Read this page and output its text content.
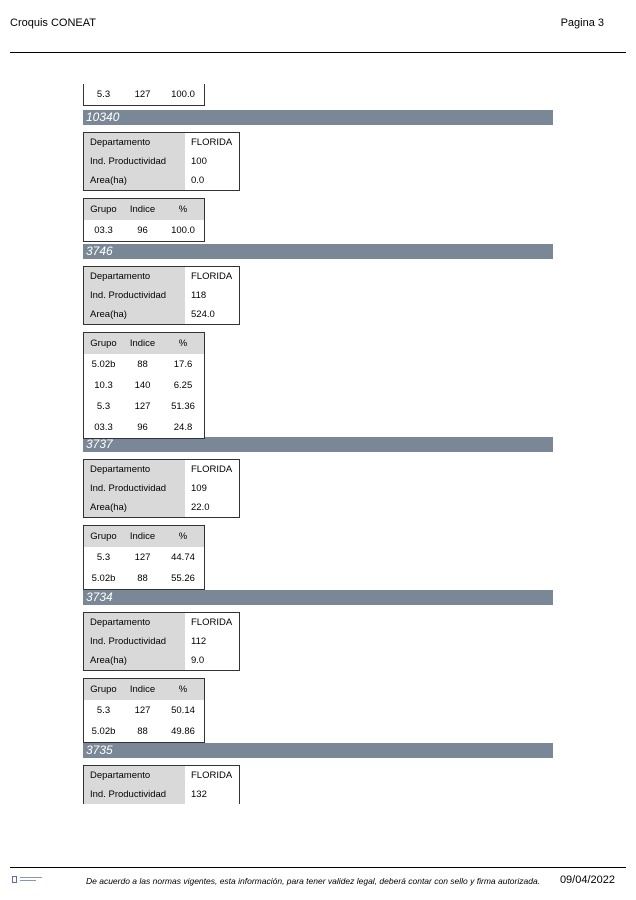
Croquis CONEAT	Pagina 3
5.3	127	100.0
10340
Departamento	FLORIDA
Ind. Productividad	100
Area(ha)	0.0
Grupo	Indice	%
03.3	96	100.0
3746
Departamento	FLORIDA
Ind. Productividad	118
Area(ha)	524.0
Grupo	Indice	%
5.02b	88	17.6
10.3	140	6.25
5.3	127	51.36
03.3	96	24.8
3737
Departamento	FLORIDA
Ind. Productividad	109
Area(ha)	22.0
Grupo	Indice	%
5.3	127	44.74
5.02b	88	55.26
3734
Departamento	FLORIDA
Ind. Productividad	112
Area(ha)	9.0
Grupo	Indice	%
5.3	127	50.14
5.02b	88	49.86
3735
Departamento	FLORIDA
Ind. Productividad	132
De acuerdo a las normas vigentes, esta información, para tener validez legal, deberá contar con sello y firma autorizada. 09/04/2022
